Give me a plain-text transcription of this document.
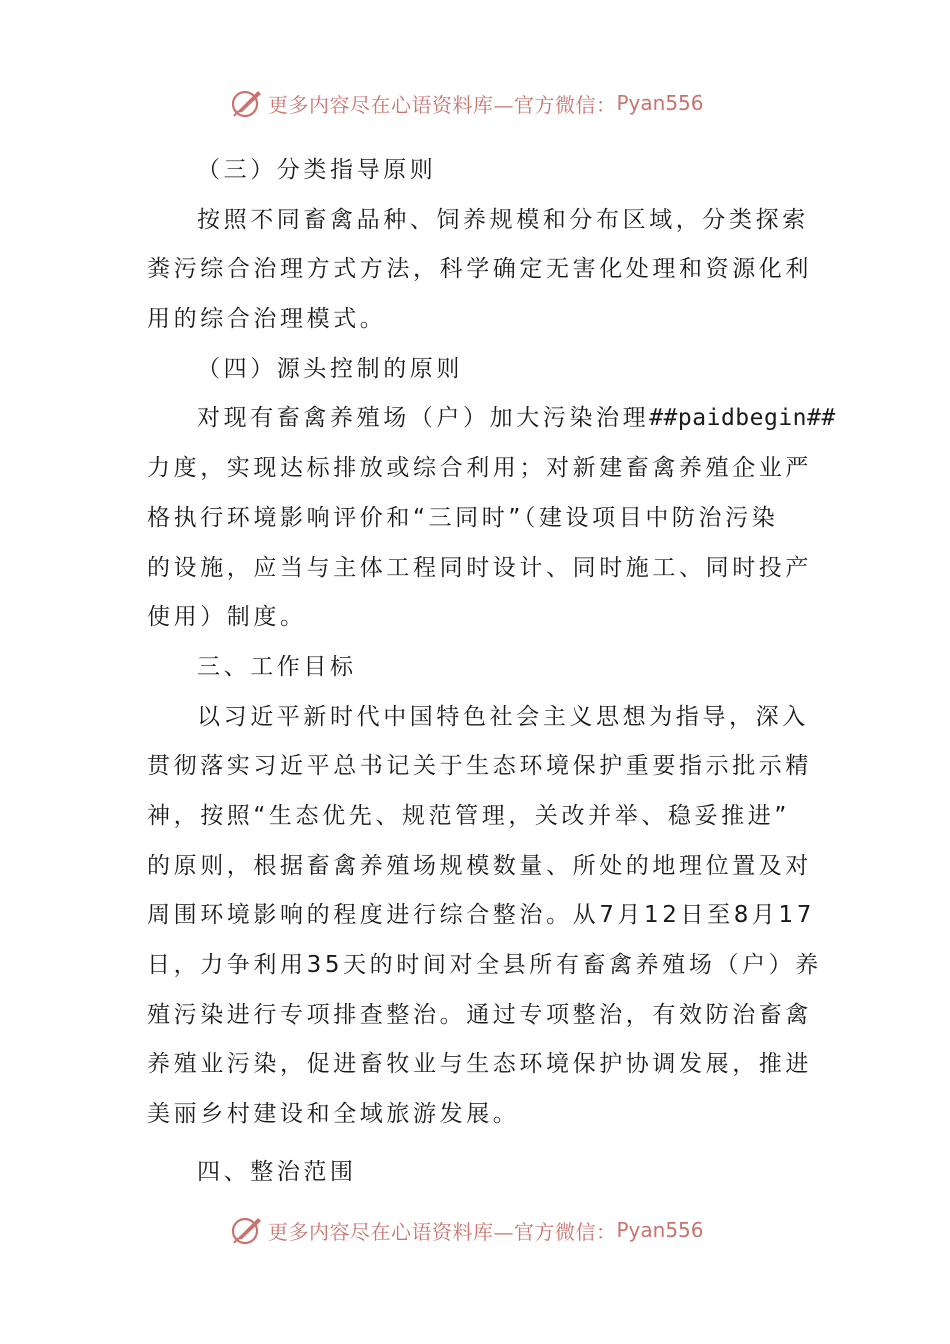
更多内容尽在心语资料库—官方微信： Pyan556
（三）分类指导原则
按照不同畜禽品种、饲养规模和分布区域，分类探索
粪污综合治理方式方法，科学确定无害化处理和资源化利
用的综合治理模式。
（四）源头控制的原则
对现有畜禽养殖场（户）加大污染治理##paidbegin##
力度，实现达标排放或综合利用；对新建畜禽养殖企业严
格执行环境影响评价和“三同时”（建设项目中防治污染
的设施，应当与主体工程同时设计、同时施工、同时投产
使用）制度。
三、工作目标
以习近平新时代中国特色社会主义思想为指导，深入
贯彻落实习近平总书记关于生态环境保护重要指示批示精
神，按照“生态优先、规范管理，关改并举、稳妥推进”
的原则，根据畜禽养殖场规模数量、所处的地理位置及对
周围环境影响的程度进行综合整治。从7月12日至8月17
日，力争利用35天的时间对全县所有畜禽养殖场（户）养
殖污染进行专项排查整治。通过专项整治，有效防治畜禽
养殖业污染，促进畜牧业与生态环境保护协调发展，推进
美丽乡村建设和全域旅游发展。
四、整治范围
更多内容尽在心语资料库—官方微信： Pyan556
